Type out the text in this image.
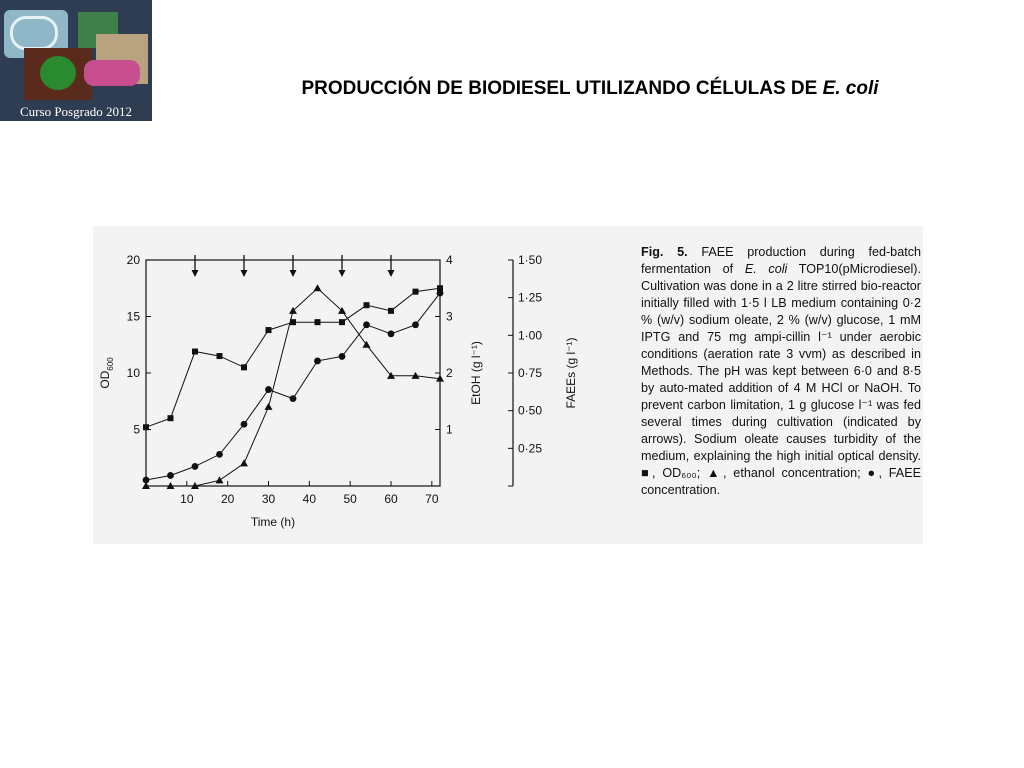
Curso Posgrado 2012
PRODUCCIÓN DE BIODIESEL UTILIZANDO CÉLULAS DE E. coli
10 20 30 40 50 60 70
Time (h)
5
10
15
20
$OD_{600}$
1
2
3
4
EtOH (g l⁻¹)
0·25
0·50
0·75
1·00
1·25
1·50
FAEEs (g l⁻¹)
Fig. 5. FAEE production during fed-batch fermentation of E. coli TOP10(pMicrodiesel). Cultivation was done in a 2 litre stirred bio-reactor initially filled with 1·5 l LB medium containing 0·2 % (w/v) sodium oleate, 2 % (w/v) glucose, 1 mM IPTG and 75 mg ampi-cillin l⁻¹ under aerobic conditions (aeration rate 3 vvm) as described in Methods. The pH was kept between 6·0 and 8·5 by auto-mated addition of 4 M HCl or NaOH. To prevent carbon limitation, 1 g glucose l⁻¹ was fed several times during cultivation (indicated by arrows). Sodium oleate causes turbidity of the medium, explaining the high initial optical density. ■, OD₆₀₀; ▲, ethanol concentration; ●, FAEE concentration.
